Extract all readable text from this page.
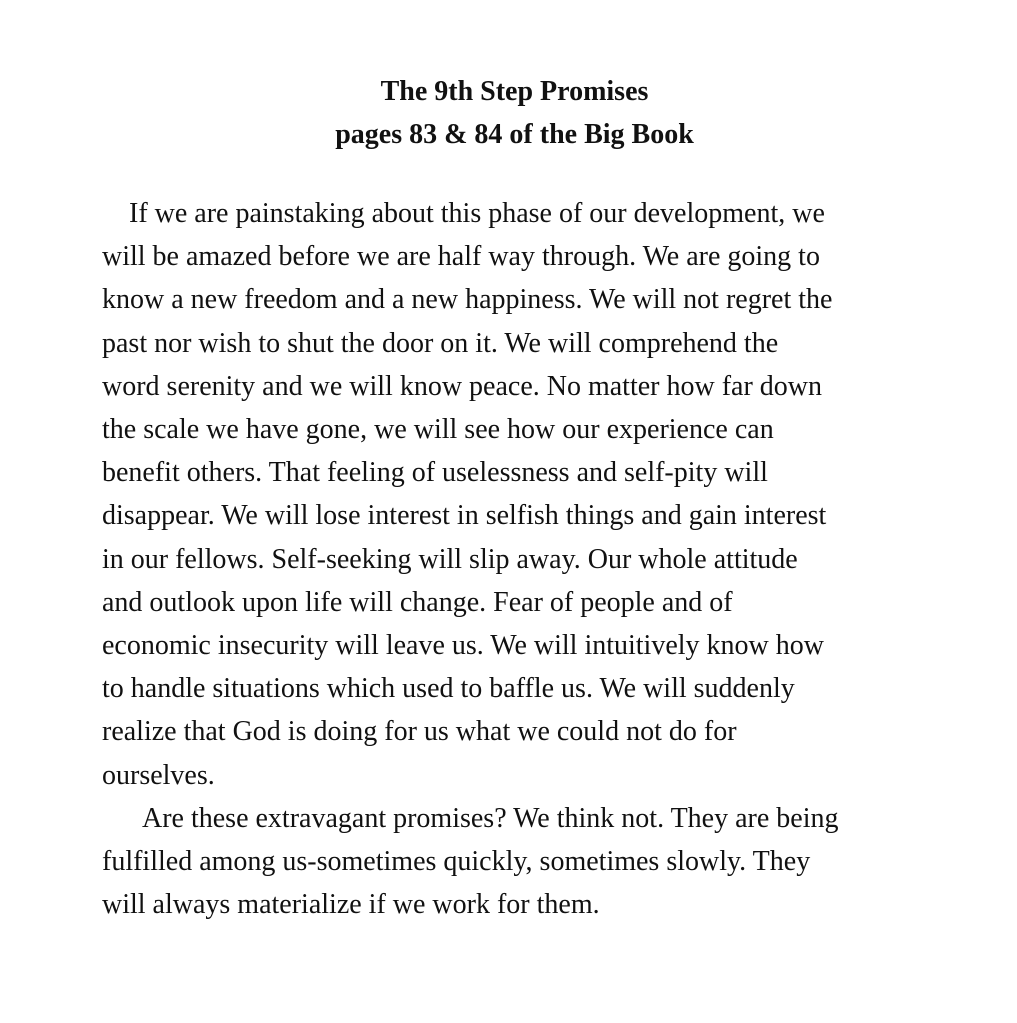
The 9th Step Promises
pages 83 & 84 of the Big Book
If we are painstaking about this phase of our development, we
will be amazed before we are half way through. We are going to
know a new freedom and a new happiness. We will not regret the
past nor wish to shut the door on it. We will comprehend the
word serenity and we will know peace. No matter how far down
the scale we have gone, we will see how our experience can
benefit others. That feeling of uselessness and self-pity will
disappear. We will lose interest in selfish things and gain interest
in our fellows. Self-seeking will slip away. Our whole attitude
and outlook upon life will change. Fear of people and of
economic insecurity will leave us. We will intuitively know how
to handle situations which used to baffle us. We will suddenly
realize that God is doing for us what we could not do for
ourselves.
Are these extravagant promises? We think not. They are being
fulfilled among us-sometimes quickly, sometimes slowly. They
will always materialize if we work for them.
